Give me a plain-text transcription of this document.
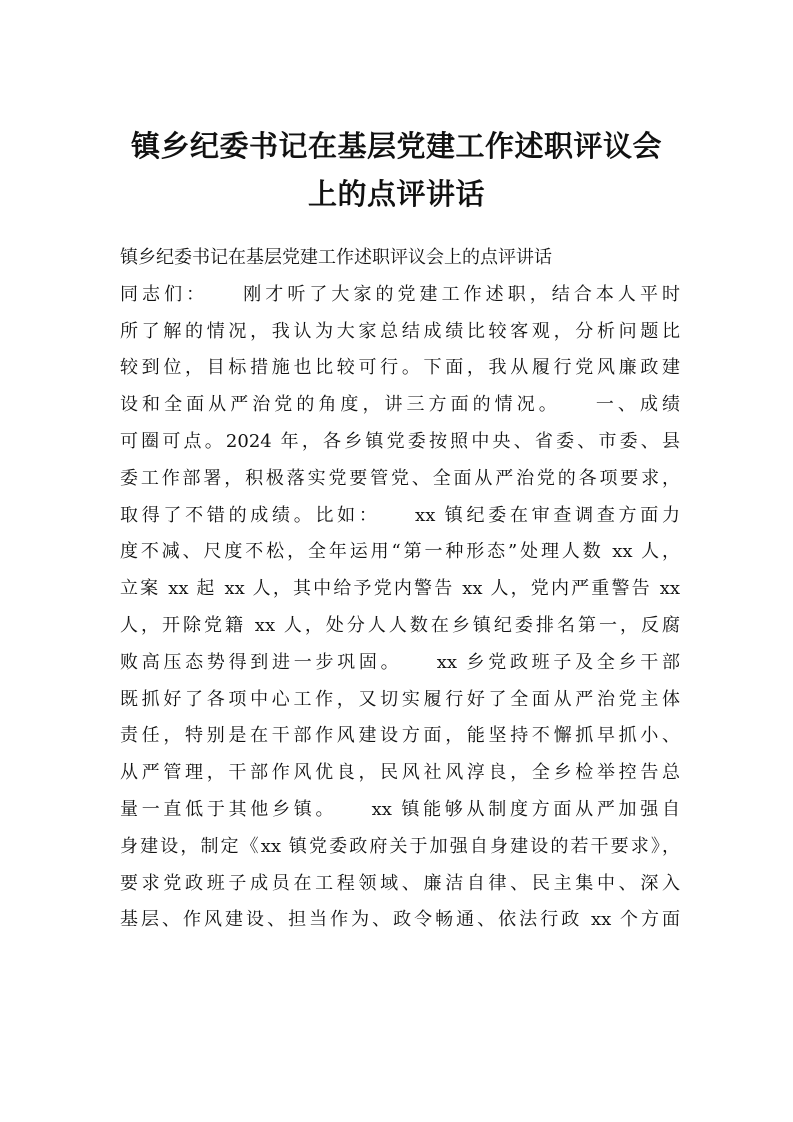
镇乡纪委书记在基层党建工作述职评议会
上的点评讲话
镇乡纪委书记在基层党建工作述职评议会上的点评讲话
同志们：　　刚才听了大家的党建工作述职，结合本人平时
所了解的情况，我认为大家总结成绩比较客观，分析问题比
较到位，目标措施也比较可行。下面，我从履行党风廉政建
设和全面从严治党的角度，讲三方面的情况。　　一、成绩
可圈可点。2024 年，各乡镇党委按照中央、省委、市委、县
委工作部署，积极落实党要管党、全面从严治党的各项要求，
取得了不错的成绩。比如：　　xx 镇纪委在审查调查方面力
度不减、尺度不松，全年运用“第一种形态”处理人数 xx 人，
立案 xx 起 xx 人，其中给予党内警告 xx 人，党内严重警告 xx
人，开除党籍 xx 人，处分人人数在乡镇纪委排名第一，反腐
败高压态势得到进一步巩固。　　xx 乡党政班子及全乡干部
既抓好了各项中心工作，又切实履行好了全面从严治党主体
责任，特别是在干部作风建设方面，能坚持不懈抓早抓小、
从严管理，干部作风优良，民风社风淳良，全乡检举控告总
量一直低于其他乡镇。　　xx 镇能够从制度方面从严加强自
身建设，制定《xx 镇党委政府关于加强自身建设的若干要求》，
要求党政班子成员在工程领域、廉洁自律、民主集中、深入
基层、作风建设、担当作为、政令畅通、依法行政 xx 个方面
